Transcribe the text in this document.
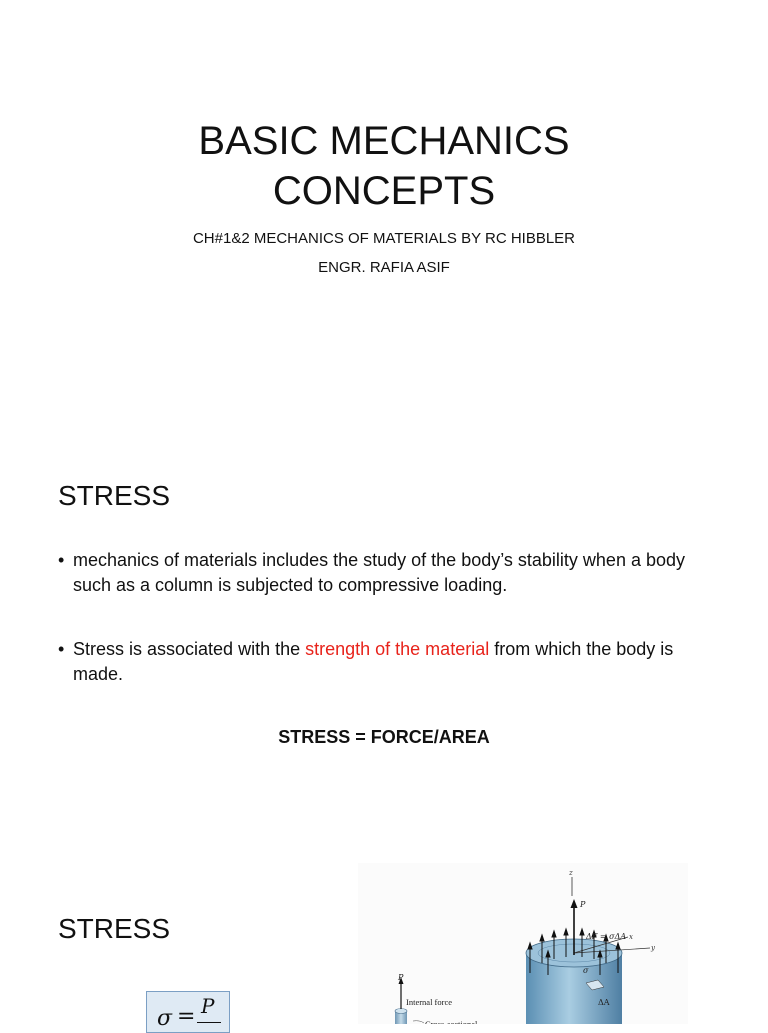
BASIC MECHANICS
CONCEPTS
CH#1&2 MECHANICS OF MATERIALS BY RC HIBBLER
ENGR. RAFIA ASIF
STRESS
• mechanics of materials includes the study of the body’s stability when a body such as a column is subjected to compressive loading.
• Stress is associated with the strength of the material from which the body is made.
STRESS = FORCE/AREA
STRESS
σ = P
P
Internal force
Cross-sectional
z
y
x
P
ΔF = σΔA
σ
ΔA
